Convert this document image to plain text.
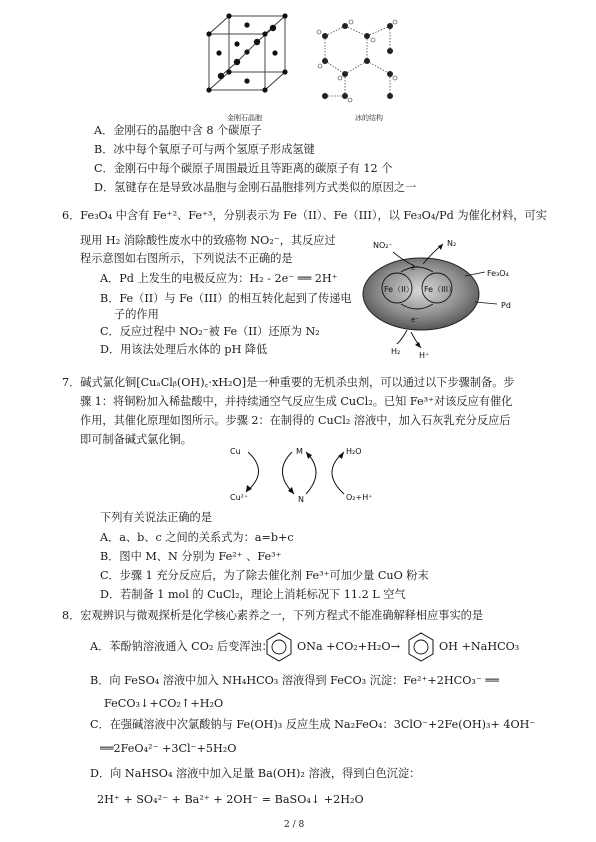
金刚石晶胞	冰的结构
A．金刚石的晶胞中含 8 个碳原子
B．冰中每个氧原子可与两个氢原子形成氢键
C．金刚石中每个碳原子周围最近且等距离的碳原子有 12 个
D．氢键存在是导致冰晶胞与金刚石晶胞排列方式类似的原因之一
6．Fe₃O₄ 中含有 Fe⁺²、Fe⁺³，分别表示为 Fe（II）、Fe（III），以 Fe₃O₄/Pd 为催化材料，可实
现用 H₂ 消除酸性废水中的致癌物 NO₂⁻，其反应过
程示意图如右图所示，下列说法不正确的是
A．Pd 上发生的电极反应为：H₂ - 2e⁻ ══ 2H⁺
B．Fe（II）与 Fe（III）的相互转化起到了传递电
子的作用
C．反应过程中 NO₂⁻被 Fe（II）还原为 N₂
D．用该法处理后水体的 pH 降低
Fe（II） Fe（III）
e⁻
e⁻
NO₂⁻	N₂
Fe₃O₄
Pd
H₂ H⁺
7．碱式氯化铜[CuₐClᵦ(OH)꜀·xH₂O]是一种重要的无机杀虫剂，可以通过以下步骤制备。步
骤 1：将铜粉加入稀盐酸中，并持续通空气反应生成 CuCl₂。已知 Fe³⁺对该反应有催化
作用，其催化原理如图所示。步骤 2：在制得的 CuCl₂ 溶液中，加入石灰乳充分反应后
即可制备碱式氯化铜。
Cu	M	H₂O
Cu²⁺	N	O₂+H⁺
下列有关说法正确的是
A．a、b、c 之间的关系式为：a=b+c
B．图中 M、N 分别为 Fe²⁺ 、Fe³⁺
C．步骤 1 充分反应后，为了除去催化剂 Fe³⁺可加少量 CuO 粉末
D．若制备 1 mol 的 CuCl₂，理论上消耗标况下 11.2 L 空气
8．宏观辨识与微观探析是化学核心素养之一，下列方程式不能准确解释相应事实的是
A．苯酚钠溶液通入 CO₂ 后变浑浊： ONa +CO₂+H₂O→	OH +NaHCO₃
B．向 FeSO₄ 溶液中加入 NH₄HCO₃ 溶液得到 FeCO₃ 沉淀：Fe²⁺+2HCO₃⁻ ══
FeCO₃↓+CO₂↑+H₂O
C．在强碱溶液中次氯酸钠与 Fe(OH)₃ 反应生成 Na₂FeO₄：3ClO⁻+2Fe(OH)₃+ 4OH⁻
══2FeO₄²⁻ +3Cl⁻+5H₂O
D．向 NaHSO₄ 溶液中加入足量 Ba(OH)₂ 溶液，得到白色沉淀：
2H⁺ + SO₄²⁻ + Ba²⁺ + 2OH⁻ = BaSO₄↓ +2H₂O
2 / 8
